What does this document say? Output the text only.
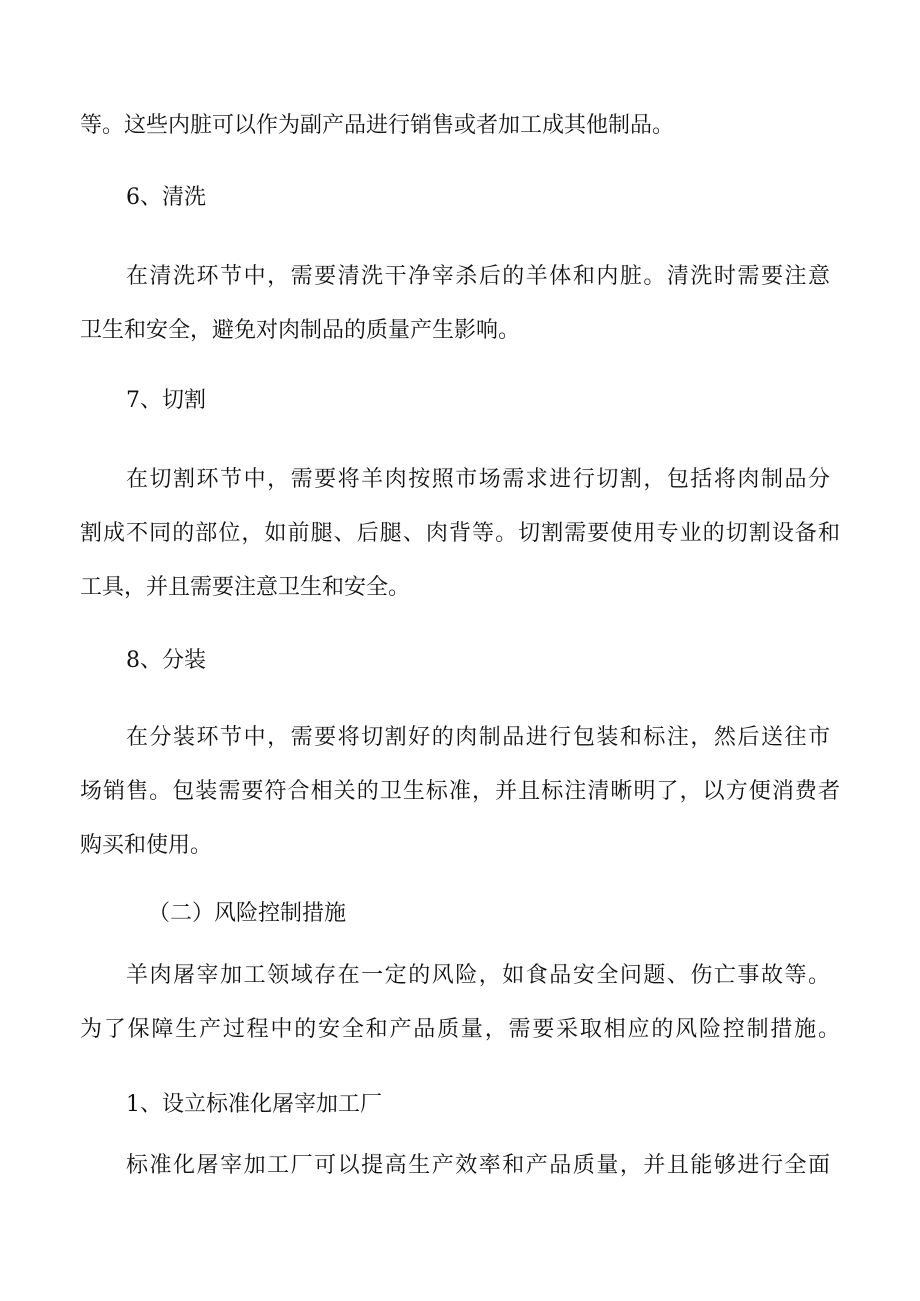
等。这些内脏可以作为副产品进行销售或者加工成其他制品。
6、清洗
在清洗环节中，需要清洗干净宰杀后的羊体和内脏。清洗时需要注意
卫生和安全，避免对肉制品的质量产生影响。
7、切割
在切割环节中，需要将羊肉按照市场需求进行切割，包括将肉制品分
割成不同的部位，如前腿、后腿、肉背等。切割需要使用专业的切割设备和
工具，并且需要注意卫生和安全。
8、分装
在分装环节中，需要将切割好的肉制品进行包装和标注，然后送往市
场销售。包装需要符合相关的卫生标准，并且标注清晰明了，以方便消费者
购买和使用。
（二）风险控制措施
羊肉屠宰加工领域存在一定的风险，如食品安全问题、伤亡事故等。
为了保障生产过程中的安全和产品质量，需要采取相应的风险控制措施。
1、设立标准化屠宰加工厂
标准化屠宰加工厂可以提高生产效率和产品质量，并且能够进行全面
